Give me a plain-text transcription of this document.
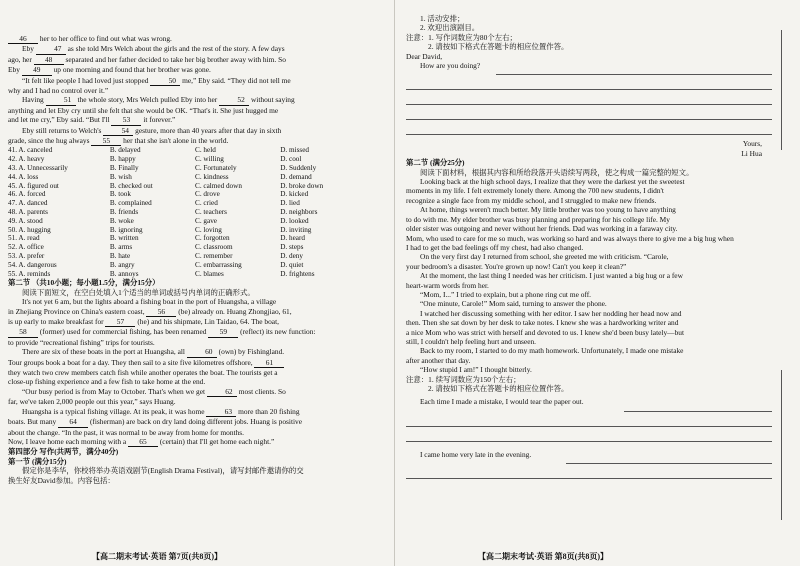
46 her to her office to find out what was wrong.

Eby 47 as she told Mrs Welch about the girls and the rest of the story. A few days

ago, her 48 separated and her father decided to take her big brother away with him. So

Eby 49 up one morning and found that her brother was gone.

“It felt like people I had loved just stopped 50 me,” Eby said. “They did not tell me

why and I had no control over it.”

Having 51 the whole story, Mrs Welch pulled Eby into her 52 without saying

anything and let Eby cry until she felt that she would be OK. “That's it. She just hugged me

and let me cry,” Eby said. “But I'll 53 it forever.”

Eby still returns to Welch's 54 gesture, more than 40 years after that day in sixth

grade, since the hug always 55 her that she isn't alone in the world.

41. A. canceled	B. delayed	C. held	D. missed
42. A. heavy	B. happy	C. willing	D. cool
43. A. Unnecessarily	B. Finally	C. Fortunately	D. Suddenly
44. A. loss	B. wish	C. kindness	D. demand
45. A. figured out	B. checked out	C. calmed down	D. broke down
46. A. forced	B. took	C. drove	D. kicked
47. A. danced	B. complained	C. cried	D. lied
48. A. parents	B. friends	C. teachers	D. neighbors
49. A. stood	B. woke	C. gave	D. looked
50. A. hugging	B. ignoring	C. loving	D. inviting
51. A. read	B. written	C. forgotten	D. heard
52. A. office	B. arms	C. classroom	D. steps
53. A. prefer	B. hate	C. remember	D. deny
54. A. dangerous	B. angry	C. embarrassing	D. quiet
55. A. reminds	B. annoys	C. blames	D. frightens

第二节 （共10小题；每小题1.5分，满分15分）

阅读下面短文，在空白处填入1个适当的单词或括号内单词的正确形式。

It's not yet 6 am, but the lights aboard a fishing boat in the port of Huangsha, a village

in Zhejiang Province on China's eastern coast, 56 (be) already on. Huang Zhongjiao, 61,

is up early to make breakfast for 57 (he) and his shipmate, Lin Taidao, 64. The boat,

58 (former) used for commercial fishing, has been renamed 59 (reflect) its new function:

to provide “recreational fishing” trips for tourists.

There are six of these boats in the port at Huangsha, all 60 (own) by Fishingland.

Tour groups book a boat for a day. They then sail to a site five kilometres offshore, 61

they watch two crew members catch fish while another operates the boat. The tourists get a

close-up fishing experience and a few fish to take home at the end.

“Our busy period is from May to October. That's when we get 62 most clients. So

far, we've taken 2,000 people out this year,” says Huang.

Huangsha is a typical fishing village. At its peak, it was home 63 more than 20 fishing

boats. But many 64 (fisherman) are back on dry land doing different jobs. Huang is positive

about the change. “In the past, it was normal to be away from home for months.

Now, I leave home each morning with a 65 (certain) that I'll get home each night.”

第四部分 写作(共两节，满分40分)

第一节 (满分15分)

假定你是李华，你校将举办英语戏剧节(English Drama Festival)，请写封邮件邀请你的交

换生好友David参加。内容包括：

【高二期末考试·英语 第7页(共8页)】

1. 活动安排；

2. 欢迎出演剧目。

注意：1. 写作词数应为80个左右；

2. 请按如下格式在答题卡的相应位置作答。

Dear David,

How are you doing?

Yours,

Li Hua

第二节 (满分25分)

阅读下面材料，根据其内容和所给段落开头语续写两段，使之构成一篇完整的短文。

Looking back at the high school days, I realize that they were the darkest yet the sweetest

moments in my life. I felt extremely lonely there. Among the 700 new students, I didn't

recognize a single face from my middle school, and I struggled to make new friends.

At home, things weren't much better. My little brother was too young to have anything

to do with me. My elder brother was busy planning and preparing for his college life. My

older sister was outgoing and never without her friends. Dad was working in a faraway city.

Mom, who used to care for me so much, was working so hard and was always there to give me a big hug when

I had to get the bad feelings off my chest, had also changed.

On the very first day I returned from school, she greeted me with criticism. “Carole,

your bedroom's a disaster. You're grown up now! Can't you keep it clean?”

At the moment, the last thing I needed was her criticism. I just wanted a big hug or a few

heart-warm words from her.

“Mom, I...” I tried to explain, but a phone ring cut me off.

“One minute, Carole!” Mom said, turning to answer the phone.

I watched her discussing something with her editor. I saw her nodding her head now and

then. Then she sat down by her desk to take notes. I knew she was a hardworking writer and

a nice Mom who was strict with herself and devoted to us. I knew she'd been busy lately—but

still, I couldn't help feeling hurt and unseen.

Back to my room, I started to do my math homework. Unfortunately, I made one mistake

after another that day.

“How stupid I am!” I thought bitterly.

注意：1. 续写词数应为150个左右；

2. 请按如下格式在答题卡的相应位置作答。

Each time I made a mistake, I would tear the paper out.

I came home very late in the evening.

【高二期末考试·英语 第8页(共8页)】
